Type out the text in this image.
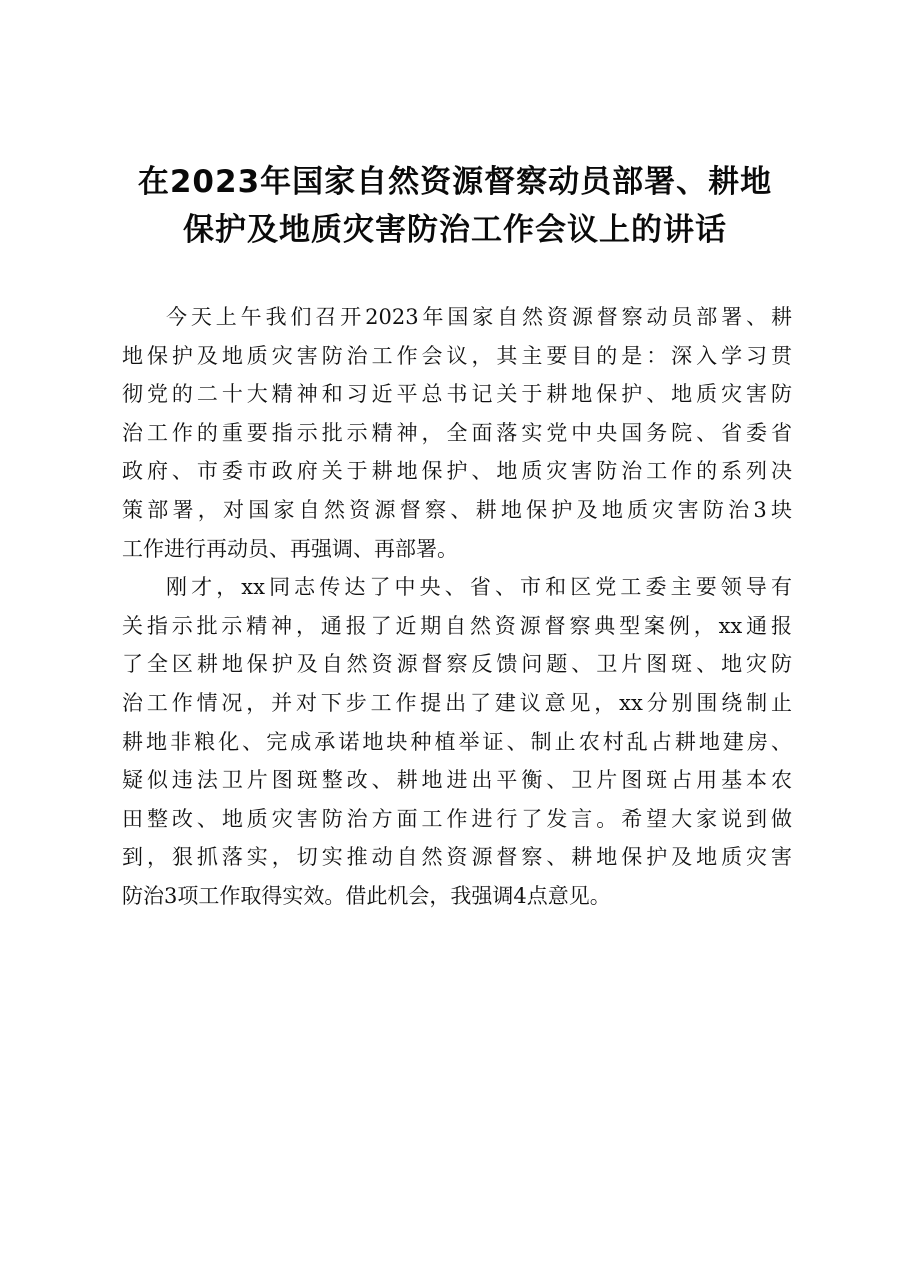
在2023年国家自然资源督察动员部署、耕地
保护及地质灾害防治工作会议上的讲话

今天上午我们召开2023年国家自然资源督察动员部署、耕
地保护及地质灾害防治工作会议，其主要目的是：深入学习贯
彻党的二十大精神和习近平总书记关于耕地保护、地质灾害防
治工作的重要指示批示精神，全面落实党中央国务院、省委省
政府、市委市政府关于耕地保护、地质灾害防治工作的系列决
策部署，对国家自然资源督察、耕地保护及地质灾害防治3块
工作进行再动员、再强调、再部署。

刚才，xx同志传达了中央、省、市和区党工委主要领导有
关指示批示精神，通报了近期自然资源督察典型案例，xx通报
了全区耕地保护及自然资源督察反馈问题、卫片图斑、地灾防
治工作情况，并对下步工作提出了建议意见，xx分别围绕制止
耕地非粮化、完成承诺地块种植举证、制止农村乱占耕地建房、
疑似违法卫片图斑整改、耕地进出平衡、卫片图斑占用基本农
田整改、地质灾害防治方面工作进行了发言。希望大家说到做
到，狠抓落实，切实推动自然资源督察、耕地保护及地质灾害
防治3项工作取得实效。借此机会，我强调4点意见。
